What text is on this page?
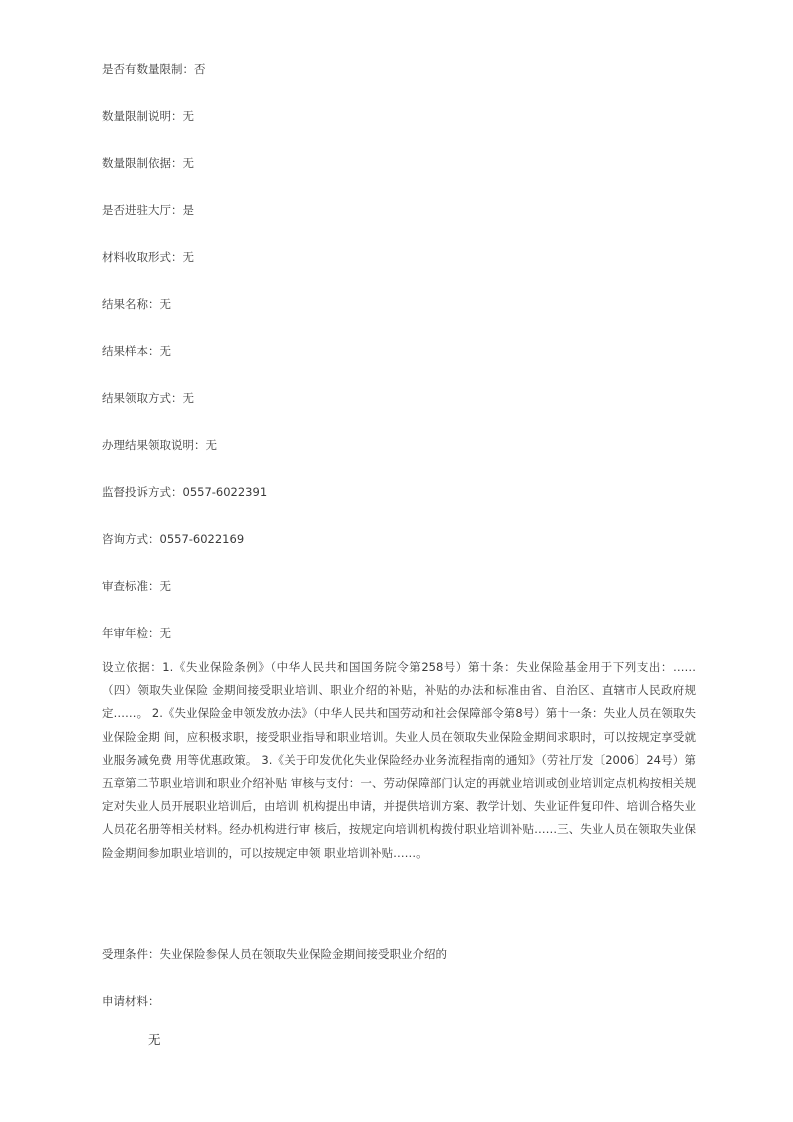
是否有数量限制：否

数量限制说明：无

数量限制依据：无

是否进驻大厅：是

材料收取形式：无

结果名称：无

结果样本：无

结果领取方式：无

办理结果领取说明：无

监督投诉方式：0557-6022391

咨询方式：0557-6022169

审查标准：无

年审年检：无

设立依据：1.《失业保险条例》（中华人民共和国国务院令第258号）第十条：失业保险基金用于下列支出：……（四）领取失业保险 金期间接受职业培训、职业介绍的补贴，补贴的办法和标准由省、自治区、直辖市人民政府规定……。 2.《失业保险金申领发放办法》（中华人民共和国劳动和社会保障部令第8号）第十一条：失业人员在领取失业保险金期 间，应积极求职，接受职业指导和职业培训。失业人员在领取失业保险金期间求职时，可以按规定享受就业服务减免费 用等优惠政策。 3.《关于印发优化失业保险经办业务流程指南的通知》（劳社厅发〔2006〕24号）第五章第二节职业培训和职业介绍补贴 审核与支付：一、劳动保障部门认定的再就业培训或创业培训定点机构按相关规定对失业人员开展职业培训后，由培训 机构提出申请，并提供培训方案、教学计划、失业证件复印件、培训合格失业人员花名册等相关材料。经办机构进行审 核后，按规定向培训机构拨付职业培训补贴……三、失业人员在领取失业保险金期间参加职业培训的，可以按规定申领 职业培训补贴……。

受理条件：失业保险参保人员在领取失业保险金期间接受职业介绍的

申请材料：

无
